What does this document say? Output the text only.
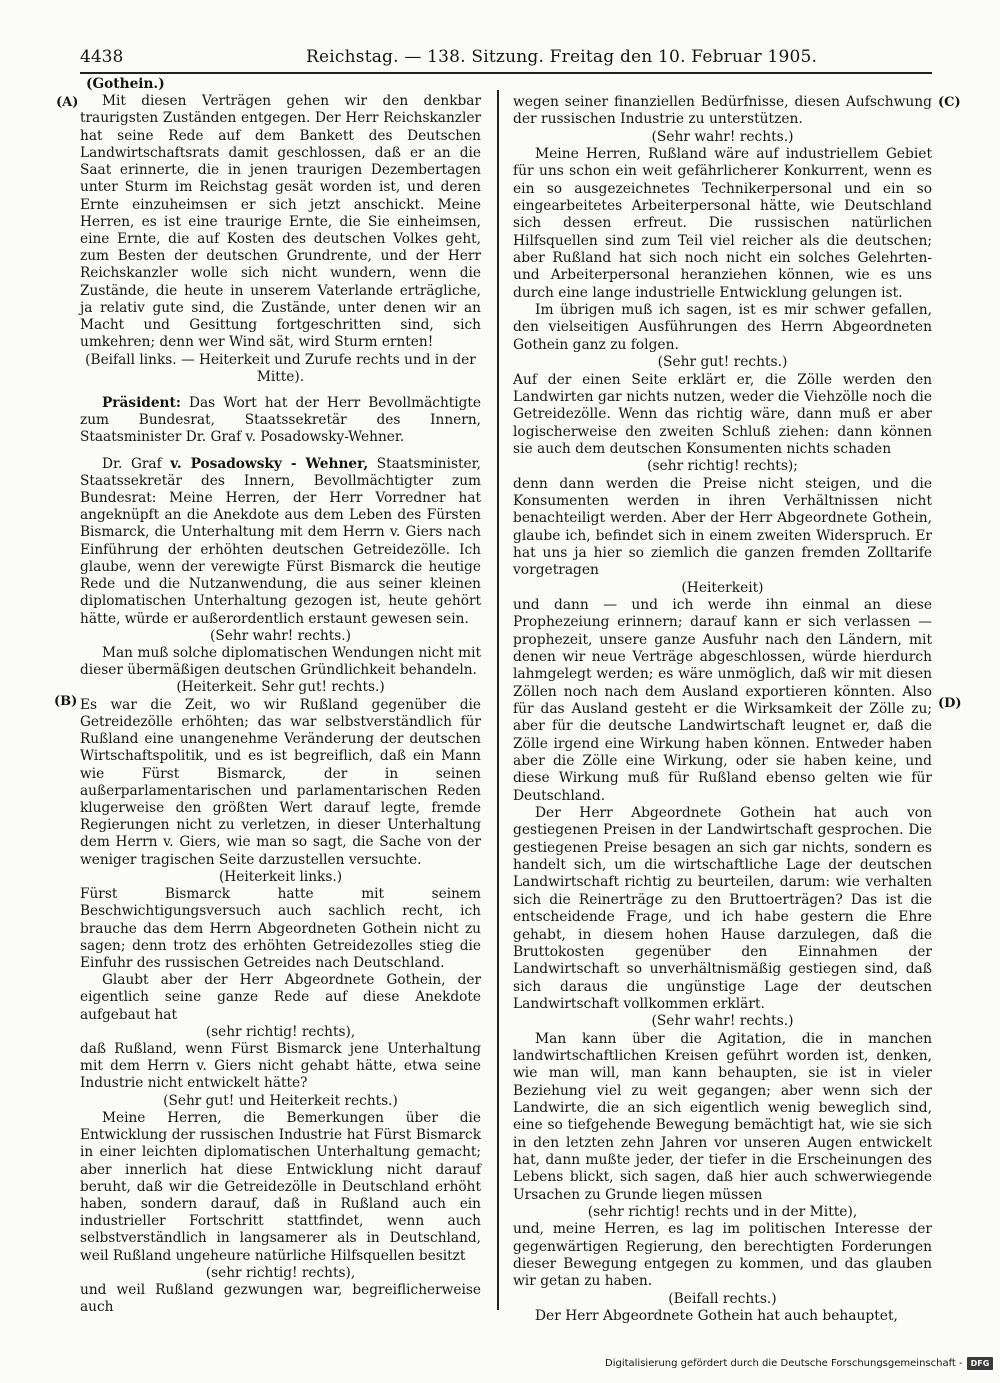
4438	Reichstag. — 138. Sitzung. Freitag den 10. Februar 1905.
(A)
(B)
(C)
(D)

(Gothein.)

Mit diesen Verträgen gehen wir den denkbar traurigsten Zuständen entgegen. Der Herr Reichskanzler hat seine Rede auf dem Bankett des Deutschen Landwirtschaftsrats damit geschlossen, daß er an die Saat erinnerte, die in jenen traurigen Dezembertagen unter Sturm im Reichstag gesät worden ist, und deren Ernte einzuheimsen er sich jetzt anschickt. Meine Herren, es ist eine traurige Ernte, die Sie einheimsen, eine Ernte, die auf Kosten des deutschen Volkes geht, zum Besten der deutschen Grundrente, und der Herr Reichskanzler wolle sich nicht wundern, wenn die Zustände, die heute in unserem Vaterlande erträgliche, ja relativ gute sind, die Zustände, unter denen wir an Macht und Gesittung fortgeschritten sind, sich umkehren; denn wer Wind sät, wird Sturm ernten!

(Beifall links. — Heiterkeit und Zurufe rechts und in der Mitte).

Präsident: Das Wort hat der Herr Bevollmächtigte zum Bundesrat, Staatssekretär des Innern, Staatsminister Dr. Graf v. Posadowsky-Wehner.

Dr. Graf v. Posadowsky - Wehner, Staatsminister, Staatssekretär des Innern, Bevollmächtigter zum Bundesrat: Meine Herren, der Herr Vorredner hat angeknüpft an die Anekdote aus dem Leben des Fürsten Bismarck, die Unterhaltung mit dem Herrn v. Giers nach Einführung der erhöhten deutschen Getreidezölle. Ich glaube, wenn der verewigte Fürst Bismarck die heutige Rede und die Nutzanwendung, die aus seiner kleinen diplomatischen Unterhaltung gezogen ist, heute gehört hätte, würde er außerordentlich erstaunt gewesen sein.

(Sehr wahr! rechts.)

Man muß solche diplomatischen Wendungen nicht mit dieser übermäßigen deutschen Gründlichkeit behandeln.

(Heiterkeit. Sehr gut! rechts.)

Es war die Zeit, wo wir Rußland gegenüber die Getreidezölle erhöhten; das war selbstverständlich für Rußland eine unangenehme Veränderung der deutschen Wirtschaftspolitik, und es ist begreiflich, daß ein Mann wie Fürst Bismarck, der in seinen außerparlamentarischen und parlamentarischen Reden klugerweise den größten Wert darauf legte, fremde Regierungen nicht zu verletzen, in dieser Unterhaltung dem Herrn v. Giers, wie man so sagt, die Sache von der weniger tragischen Seite darzustellen versuchte.

(Heiterkeit links.)

Fürst Bismarck hatte mit seinem Beschwichtigungsversuch auch sachlich recht, ich brauche das dem Herrn Abgeordneten Gothein nicht zu sagen; denn trotz des erhöhten Getreidezolles stieg die Einfuhr des russischen Getreides nach Deutschland.

Glaubt aber der Herr Abgeordnete Gothein, der eigentlich seine ganze Rede auf diese Anekdote aufgebaut hat

(sehr richtig! rechts),

daß Rußland, wenn Fürst Bismarck jene Unterhaltung mit dem Herrn v. Giers nicht gehabt hätte, etwa seine Industrie nicht entwickelt hätte?

(Sehr gut! und Heiterkeit rechts.)

Meine Herren, die Bemerkungen über die Entwicklung der russischen Industrie hat Fürst Bismarck in einer leichten diplomatischen Unterhaltung gemacht; aber innerlich hat diese Entwicklung nicht darauf beruht, daß wir die Getreidezölle in Deutschland erhöht haben, sondern darauf, daß in Rußland auch ein industrieller Fortschritt stattfindet, wenn auch selbstverständlich in langsamerer als in Deutschland, weil Rußland ungeheure natürliche Hilfsquellen besitzt

(sehr richtig! rechts),

und weil Rußland gezwungen war, begreiflicherweise auch

wegen seiner finanziellen Bedürfnisse, diesen Aufschwung der russischen Industrie zu unterstützen.

(Sehr wahr! rechts.)

Meine Herren, Rußland wäre auf industriellem Gebiet für uns schon ein weit gefährlicherer Konkurrent, wenn es ein so ausgezeichnetes Technikerpersonal und ein so eingearbeitetes Arbeiterpersonal hätte, wie Deutschland sich dessen erfreut. Die russischen natürlichen Hilfsquellen sind zum Teil viel reicher als die deutschen; aber Rußland hat sich noch nicht ein solches Gelehrten- und Arbeiterpersonal heranziehen können, wie es uns durch eine lange industrielle Entwicklung gelungen ist.

Im übrigen muß ich sagen, ist es mir schwer gefallen, den vielseitigen Ausführungen des Herrn Abgeordneten Gothein ganz zu folgen.

(Sehr gut! rechts.)

Auf der einen Seite erklärt er, die Zölle werden den Landwirten gar nichts nutzen, weder die Viehzölle noch die Getreidezölle. Wenn das richtig wäre, dann muß er aber logischerweise den zweiten Schluß ziehen: dann können sie auch dem deutschen Konsumenten nichts schaden

(sehr richtig! rechts);

denn dann werden die Preise nicht steigen, und die Konsumenten werden in ihren Verhältnissen nicht benachteiligt werden. Aber der Herr Abgeordnete Gothein, glaube ich, befindet sich in einem zweiten Widerspruch. Er hat uns ja hier so ziemlich die ganzen fremden Zolltarife vorgetragen

(Heiterkeit)

und dann — und ich werde ihn einmal an diese Prophezeiung erinnern; darauf kann er sich verlassen — prophezeit, unsere ganze Ausfuhr nach den Ländern, mit denen wir neue Verträge abgeschlossen, würde hierdurch lahmgelegt werden; es wäre unmöglich, daß wir mit diesen Zöllen noch nach dem Ausland exportieren könnten. Also für das Ausland gesteht er die Wirksamkeit der Zölle zu; aber für die deutsche Landwirtschaft leugnet er, daß die Zölle irgend eine Wirkung haben können. Entweder haben aber die Zölle eine Wirkung, oder sie haben keine, und diese Wirkung muß für Rußland ebenso gelten wie für Deutschland.

Der Herr Abgeordnete Gothein hat auch von gestiegenen Preisen in der Landwirtschaft gesprochen. Die gestiegenen Preise besagen an sich gar nichts, sondern es handelt sich, um die wirtschaftliche Lage der deutschen Landwirtschaft richtig zu beurteilen, darum: wie verhalten sich die Reinerträge zu den Bruttoerträgen? Das ist die entscheidende Frage, und ich habe gestern die Ehre gehabt, in diesem hohen Hause darzulegen, daß die Bruttokosten gegenüber den Einnahmen der Landwirtschaft so unverhältnismäßig gestiegen sind, daß sich daraus die ungünstige Lage der deutschen Landwirtschaft vollkommen erklärt.

(Sehr wahr! rechts.)

Man kann über die Agitation, die in manchen landwirtschaftlichen Kreisen geführt worden ist, denken, wie man will, man kann behaupten, sie ist in vieler Beziehung viel zu weit gegangen; aber wenn sich der Landwirte, die an sich eigentlich wenig beweglich sind, eine so tiefgehende Bewegung bemächtigt hat, wie sie sich in den letzten zehn Jahren vor unseren Augen entwickelt hat, dann mußte jeder, der tiefer in die Erscheinungen des Lebens blickt, sich sagen, daß hier auch schwerwiegende Ursachen zu Grunde liegen müssen

(sehr richtig! rechts und in der Mitte),

und, meine Herren, es lag im politischen Interesse der gegenwärtigen Regierung, den berechtigten Forderungen dieser Bewegung entgegen zu kommen, und das glauben wir getan zu haben.

(Beifall rechts.)

Der Herr Abgeordnete Gothein hat auch behauptet,

Digitalisierung gefördert durch die Deutsche Forschungsgemeinschaft -	DFG
